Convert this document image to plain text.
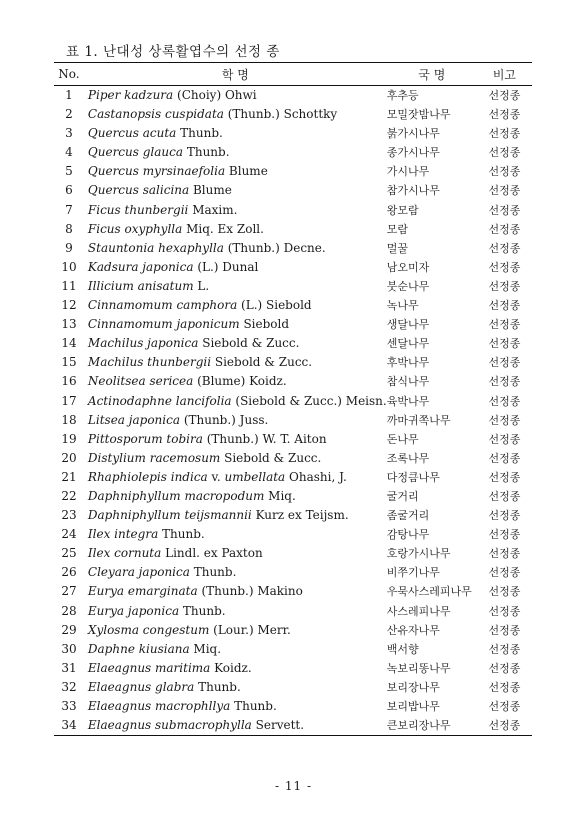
표 1. 난대성 상록활엽수의 선정 종
No.	학 명	국 명	비고
1	Piper kadzura (Choiy) Ohwi	후추등	선정종
2	Castanopsis cuspidata (Thunb.) Schottky	모밀잣밤나무	선정종
3	Quercus acuta Thunb.	붉가시나무	선정종
4	Quercus glauca Thunb.	종가시나무	선정종
5	Quercus myrsinaefolia Blume	가시나무	선정종
6	Quercus salicina Blume	참가시나무	선정종
7	Ficus thunbergii Maxim.	왕모람	선정종
8	Ficus oxyphylla Miq. Ex Zoll.	모람	선정종
9	Stauntonia hexaphylla (Thunb.) Decne.	멀꿀	선정종
10	Kadsura japonica (L.) Dunal	남오미자	선정종
11	Illicium anisatum L.	붓순나무	선정종
12	Cinnamomum camphora (L.) Siebold	녹나무	선정종
13	Cinnamomum japonicum Siebold	생달나무	선정종
14	Machilus japonica Siebold & Zucc.	센달나무	선정종
15	Machilus thunbergii Siebold & Zucc.	후박나무	선정종
16	Neolitsea sericea (Blume) Koidz.	참식나무	선정종
17	Actinodaphne lancifolia (Siebold & Zucc.) Meisn.	육박나무	선정종
18	Litsea japonica (Thunb.) Juss.	까마귀쪽나무	선정종
19	Pittosporum tobira (Thunb.) W. T. Aiton	돈나무	선정종
20	Distylium racemosum Siebold & Zucc.	조록나무	선정종
21	Rhaphiolepis indica v. umbellata Ohashi, J.	다정큼나무	선정종
22	Daphniphyllum macropodum Miq.	굴거리	선정종
23	Daphniphyllum teijsmannii Kurz ex Teijsm.	좀굴거리	선정종
24	Ilex integra Thunb.	감탕나무	선정종
25	Ilex cornuta Lindl. ex Paxton	호랑가시나무	선정종
26	Cleyara japonica Thunb.	비쭈기나무	선정종
27	Eurya emarginata (Thunb.) Makino	우묵사스레피나무	선정종
28	Eurya japonica Thunb.	사스레피나무	선정종
29	Xylosma congestum (Lour.) Merr.	산유자나무	선정종
30	Daphne kiusiana Miq.	백서향	선정종
31	Elaeagnus maritima Koidz.	녹보리똥나무	선정종
32	Elaeagnus glabra Thunb.	보리장나무	선정종
33	Elaeagnus macrophllya Thunb.	보리밥나무	선정종
34	Elaeagnus submacrophylla Servett.	큰보리장나무	선정종
- 11 -
